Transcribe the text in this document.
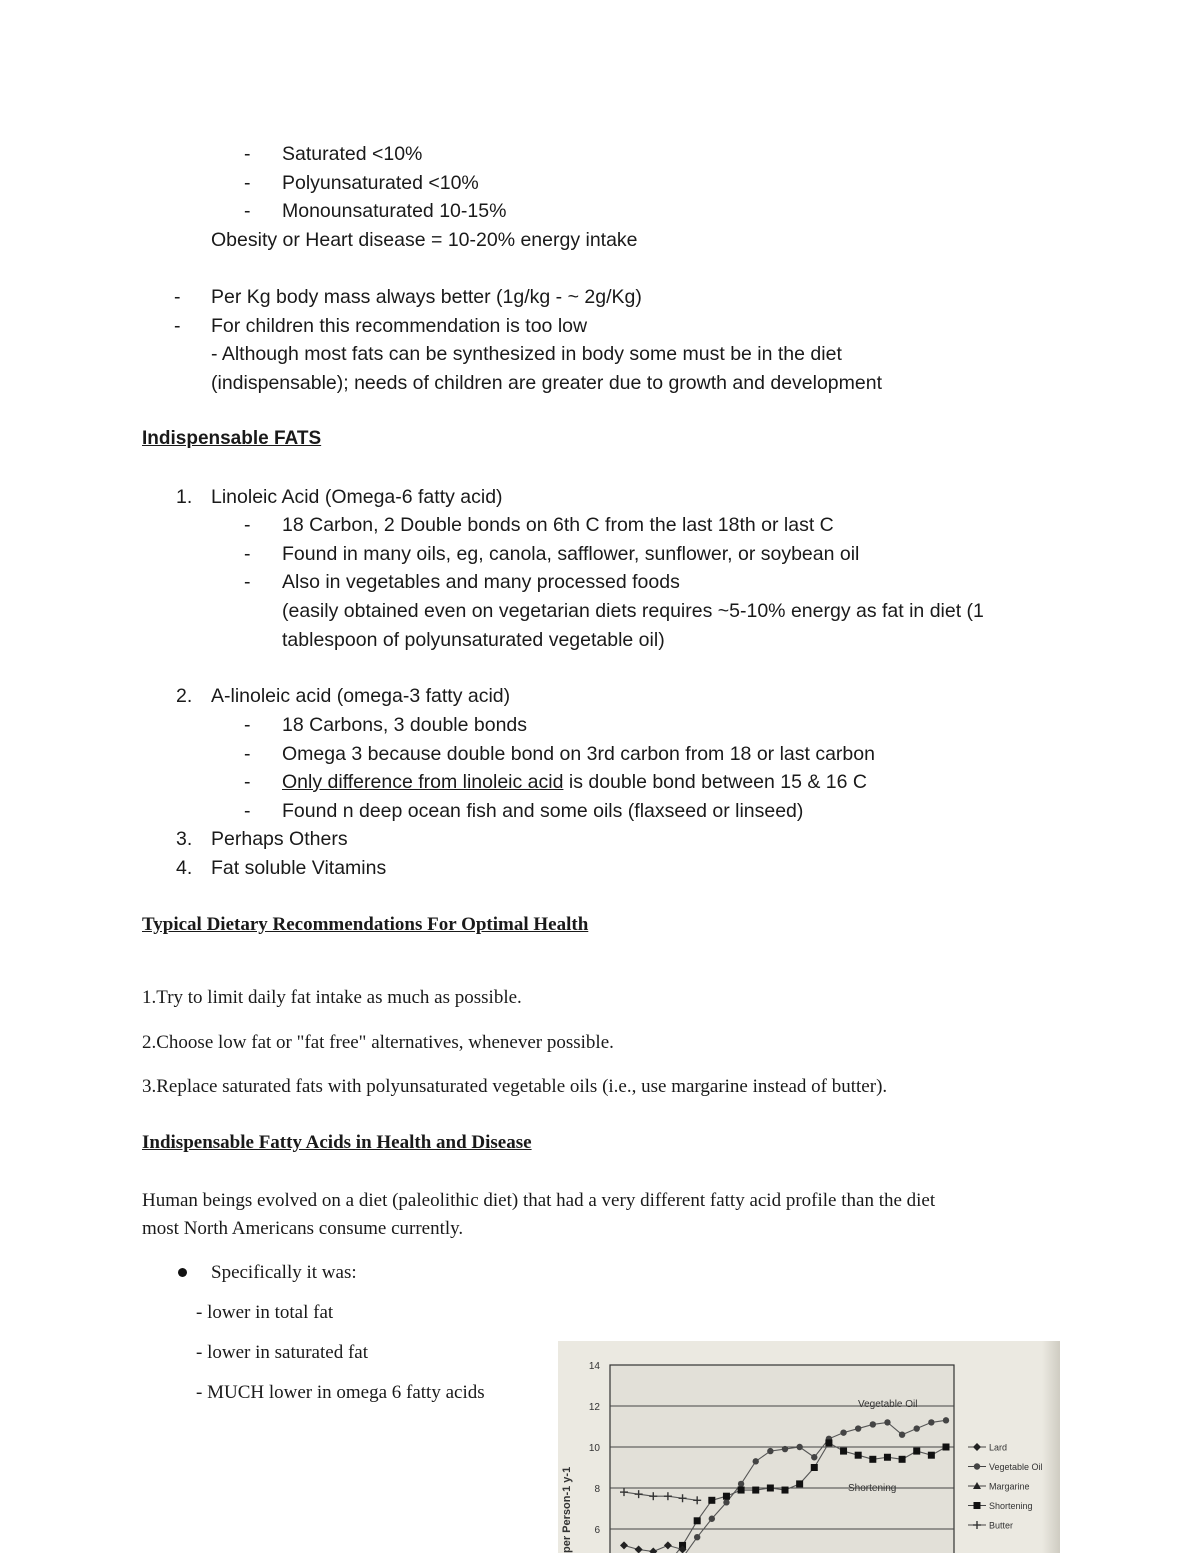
- Saturated <10%
- Polyunsaturated <10%
- Monounsaturated 10-15%
Obesity or Heart disease = 10-20% energy intake
- Per Kg body mass always better (1g/kg - ~ 2g/Kg)
- For children this recommendation is too low
- Although most fats can be synthesized in body some must be in the diet
(indispensable); needs of children are greater due to growth and development
Indispensable FATS
1. Linoleic Acid (Omega-6 fatty acid)
- 18 Carbon, 2 Double bonds on 6th C from the last 18th or last C
- Found in many oils, eg, canola, safflower, sunflower, or soybean oil
- Also in vegetables and many processed foods
(easily obtained even on vegetarian diets requires ~5-10% energy as fat in diet (1
tablespoon of polyunsaturated vegetable oil)
2. A-linoleic acid (omega-3 fatty acid)
- 18 Carbons, 3 double bonds
- Omega 3 because double bond on 3rd carbon from 18 or last carbon
- Only difference from linoleic acid is double bond between 15 & 16 C
- Found n deep ocean fish and some oils (flaxseed or linseed)
3. Perhaps Others
4. Fat soluble Vitamins
Typical Dietary Recommendations For Optimal Health
1.Try to limit daily fat intake as much as possible.
2.Choose low fat or "fat free" alternatives, whenever possible.
3.Replace saturated fats with polyunsaturated vegetable oils (i.e., use margarine instead of butter).
Indispensable Fatty Acids in Health and Disease
Human beings evolved on a diet (paleolithic diet) that had a very different fatty acid profile than the diet
most North Americans consume currently.
Specifically it was:
- lower in total fat
- lower in saturated fat
- MUCH lower in omega 6 fatty acids
14
12
10
8
6
per Person-1 y-1
Vegetable Oil
Shortening
Lard
Vegetable Oil
Margarine
Shortening
Butter
